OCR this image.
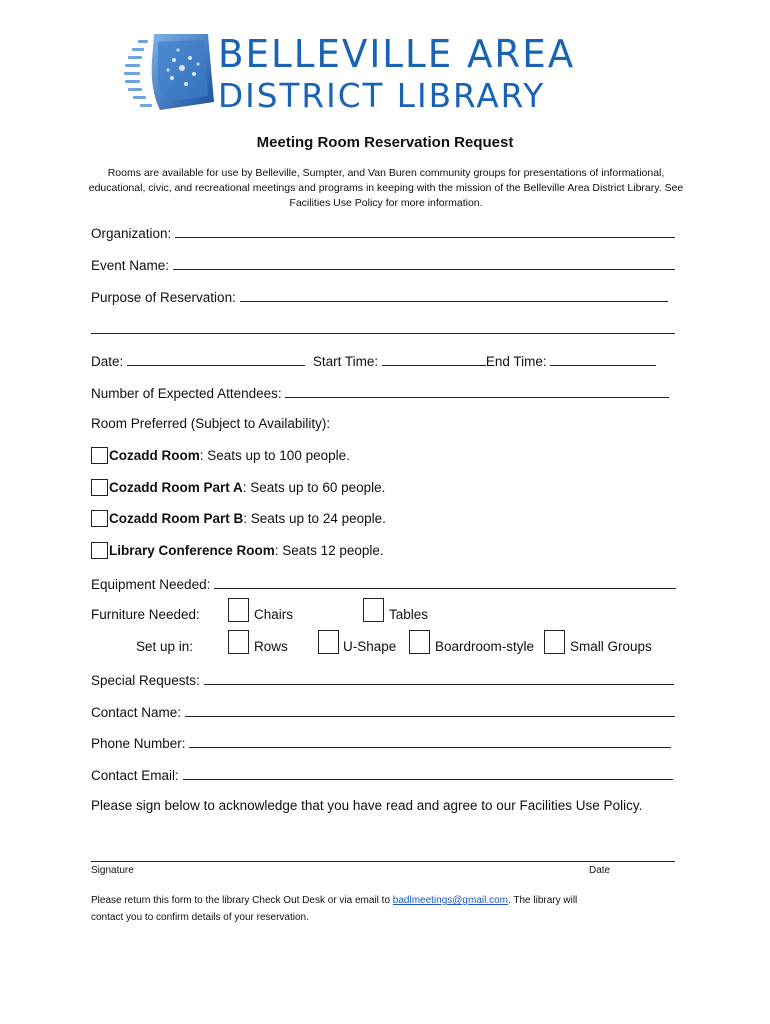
BELLEVILLE AREA
DISTRICT LIBRARY
Meeting Room Reservation Request
Rooms are available for use by Belleville, Sumpter, and Van Buren community groups for presentations of informational, educational, civic, and recreational meetings and programs in keeping with the mission of the Belleville Area District Library. See Facilities Use Policy for more information.
Organization:
Event Name:
Purpose of Reservation:
Date:	Start Time:	End Time:
Number of Expected Attendees:
Room Preferred (Subject to Availability):
Cozadd Room: Seats up to 100 people.
Cozadd Room Part A: Seats up to 60 people.
Cozadd Room Part B: Seats up to 24 people.
Library Conference Room: Seats 12 people.
Equipment Needed:
Furniture Needed:	Chairs	Tables
Set up in:	Rows	U-Shape	Boardroom-style	Small Groups
Special Requests:
Contact Name:
Phone Number:
Contact Email:
Please sign below to acknowledge that you have read and agree to our Facilities Use Policy.
Signature	Date
Please return this form to the library Check Out Desk or via email to badlmeetings@gmail.com. The library will
contact you to confirm details of your reservation.
